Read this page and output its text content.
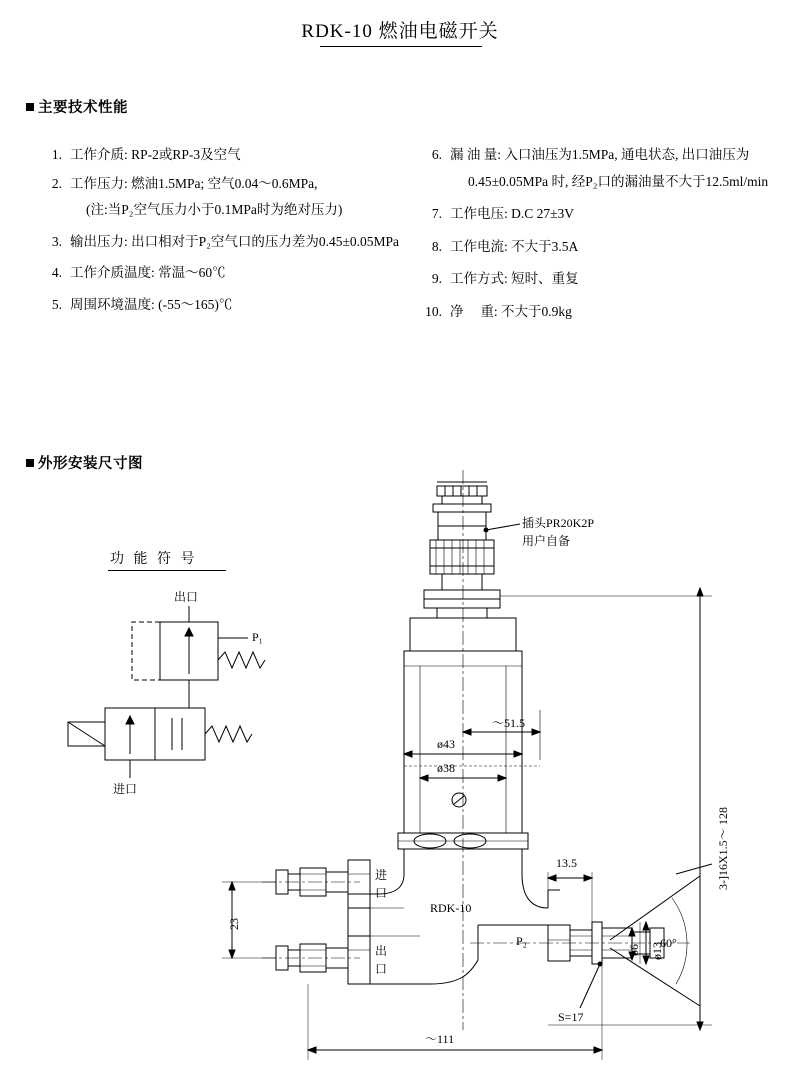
RDK-10 燃油电磁开关
主要技术性能
1. 工作介质: RP-2或RP-3及空气
2. 工作压力: 燃油1.5MPa; 空气0.04～0.6MPa,
(注:当P₂空气压力小于0.1MPa时为绝对压力)
3. 输出压力: 出口相对于P₂空气口的压力差为0.45±0.05MPa
4. 工作介质温度: 常温～60℃
5. 周围环境温度: (-55～165)℃
6. 漏 油 量: 入口油压为1.5MPa, 通电状态, 出口油压为
0.45±0.05MPa 时, 经P₂口的漏油量不大于12.5ml/min
7. 工作电压: D.C 27±3V
8. 工作电流: 不大于3.5A
9. 工作方式: 短时、重复
10. 净　 重: 不大于0.9kg
外形安装尺寸图
功 能 符 号
出口
P₁
进口
插头PR20K2P
用户自备
～51.5
ø43
ø38
～ 128
13.5
23
RDK-10
进
口
出
口
P₂
3-]16X1.5
60°
ø13
ø6
S=17
～111
